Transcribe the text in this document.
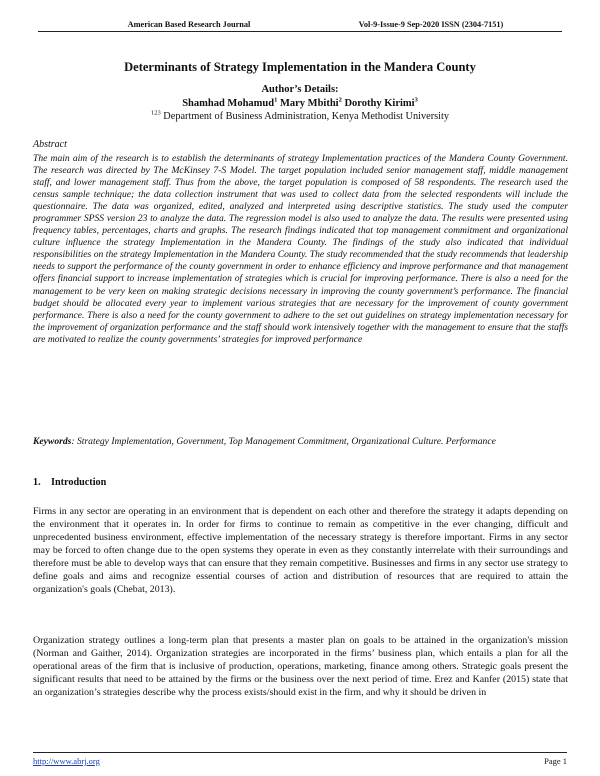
American Based Research Journal	Vol-9-Issue-9 Sep-2020 ISSN (2304-7151)
Determinants of Strategy Implementation in the Mandera County
Author’s Details:
Shamhad Mohamud$^1$ Mary Mbithi$^2$ Dorothy Kirimi$^3$
$^{123}$ Department of Business Administration, Kenya Methodist University
Abstract
The main aim of the research is to establish the determinants of strategy Implementation practices of the Mandera County Government. The research was directed by The McKinsey 7-S Model. The target population included senior management staff, middle management staff, and lower management staff. Thus from the above, the target population is composed of 58 respondents. The research used the census sample technique; the data collection instrument that was used to collect data from the selected respondents will include the questionnaire. The data was organized, edited, analyzed and interpreted using descriptive statistics. The study used the computer programmer SPSS version 23 to analyze the data. The regression model is also used to analyze the data. The results were presented using frequency tables, percentages, charts and graphs. The research findings indicated that top management commitment and organizational culture influence the strategy Implementation in the Mandera County. The findings of the study also indicated that individual responsibilities on the strategy Implementation in the Mandera County. The study recommended that the study recommends that leadership needs to support the performance of the county government in order to enhance efficiency and improve performance and that management offers financial support to increase implementation of strategies which is crucial for improving performance. There is also a need for the management to be very keen on making strategic decisions necessary in improving the county government’s performance. The financial budget should be allocated every year to implement various strategies that are necessary for the improvement of county government performance. There is also a need for the county government to adhere to the set out guidelines on strategy implementation necessary for the improvement of organization performance and the staff should work intensively together with the management to ensure that the staffs are motivated to realize the county governments’ strategies for improved performance
Keywords: Strategy Implementation, Government, Top Management Commitment, Organizational Culture. Performance
1. Introduction
Firms in any sector are operating in an environment that is dependent on each other and therefore the strategy it adapts depending on the environment that it operates in. In order for firms to continue to remain as competitive in the ever changing, difficult and unprecedented business environment, effective implementation of the necessary strategy is therefore important. Firms in any sector may be forced to often change due to the open systems they operate in even as they constantly interrelate with their surroundings and therefore must be able to develop ways that can ensure that they remain competitive. Businesses and firms in any sector use strategy to define goals and aims and recognize essential courses of action and distribution of resources that are required to attain the organization's goals (Chebat, 2013).
Organization strategy outlines a long-term plan that presents a master plan on goals to be attained in the organization's mission (Norman and Gaither, 2014). Organization strategies are incorporated in the firms’ business plan, which entails a plan for all the operational areas of the firm that is inclusive of production, operations, marketing, finance among others. Strategic goals present the significant results that need to be attained by the firms or the business over the next period of time. Erez and Kanfer (2015) state that an organization’s strategies describe why the process exists/should exist in the firm, and why it should be driven in
http://www.abrj.org	Page 1
